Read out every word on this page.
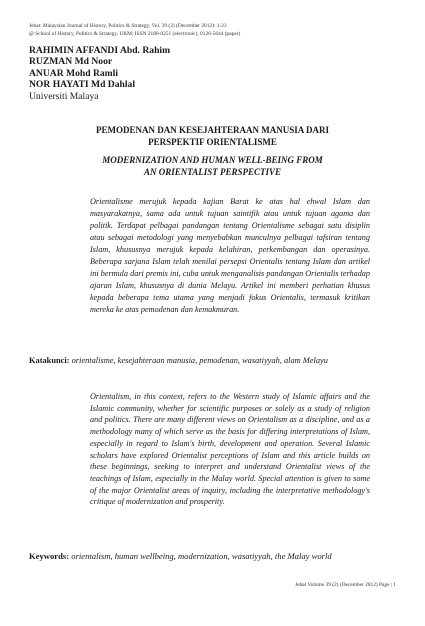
Jebat: Malaysian Journal of History, Politics & Strategy, Vol. 39 (2) (December 2012): 1-23
@ School of History, Politics & Strategy, UKM; ISSN 2180-0251 (electronic), 0126-5644 (paper)
RAHIMIN AFFANDI Abd. Rahim
RUZMAN Md Noor
ANUAR Mohd Ramli
NOR HAYATI Md Dahlal
Universiti Malaya
PEMODENAN DAN KESEJAHTERAAN MANUSIA DARI
PERSPEKTIF ORIENTALISME
MODERNIZATION AND HUMAN WELL-BEING FROM
AN ORIENTALIST PERSPECTIVE
Orientalisme merujuk kepada kajian Barat ke atas hal ehwal Islam dan masyarakatnya, sama ada untuk tujuan saintifik atau untuk tujuan agama dan politik. Terdapat pelbagai pandangan tentang Orientalisme sebagai satu disiplin atau sebagai metodologi yang menyebabkan munculnya pelbagai tafsiran tentang Islam, khususnya merujuk kepada kelahiran, perkembangan dan operasinya. Beberapa sarjana Islam telah menilai persepsi Orientalis tentang Islam dan artikel ini bermula dari premis ini, cuba untuk menganalisis pandangan Orientalis terhadap ajaran Islam, khususnya di dunia Melayu. Artikel ini memberi perhatian khusus kepada beberapa tema utama yang menjadi fokus Orientalis, termasuk kritikan mereka ke atas pemodenan dan kemakmuran.
Katakunci: orientalisme, kesejahteraan manusia, pemodenan, wasatiyyah, alam Melayu
Orientalism, in this context, refers to the Western study of Islamic affairs and the Islamic community, whether for scientific purposes or solely as a study of religion and politics. There are many different views on Orientalism as a discipline, and as a methodology many of which serve as the basis for differing interpretations of Islam, especially in regard to Islam's birth, development and operation. Several Islamic scholars have explored Orientalist perceptions of Islam and this article builds on these beginnings, seeking to interpret and understand Orientalist views of the teachings of Islam, especially in the Malay world. Special attention is given to some of the major Orientalist areas of inquiry, including the interpretative methodology's critique of modernization and prosperity.
Keywords: orientalism, human wellbeing, modernization, wasatiyyah, the Malay world
Jebat Volume 39 (2) (December 2012) Page | 1
